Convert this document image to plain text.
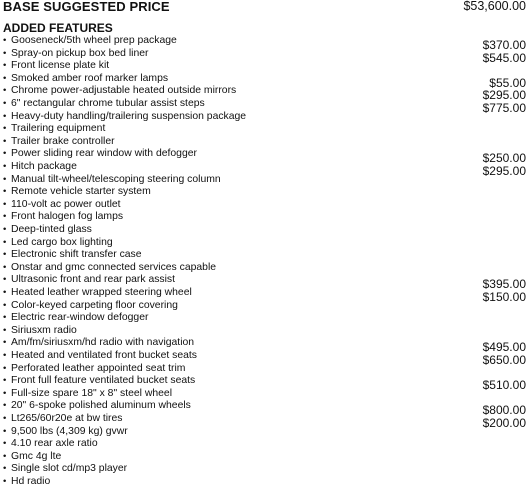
BASE SUGGESTED PRICE	$53,600.00
ADDED FEATURES
• Gooseneck/5th wheel prep package	$370.00
• Spray-on pickup box bed liner	$545.00
• Front license plate kit
• Smoked amber roof marker lamps	$55.00
• Chrome power-adjustable heated outside mirrors	$295.00
• 6" rectangular chrome tubular assist steps	$775.00
• Heavy-duty handling/trailering suspension package
• Trailering equipment
• Trailer brake controller
• Power sliding rear window with defogger	$250.00
• Hitch package	$295.00
• Manual tilt-wheel/telescoping steering column
• Remote vehicle starter system
• 110-volt ac power outlet
• Front halogen fog lamps
• Deep-tinted glass
• Led cargo box lighting
• Electronic shift transfer case
• Onstar and gmc connected services capable
• Ultrasonic front and rear park assist	$395.00
• Heated leather wrapped steering wheel	$150.00
• Color-keyed carpeting floor covering
• Electric rear-window defogger
• Siriusxm radio
• Am/fm/siriusxm/hd radio with navigation	$495.00
• Heated and ventilated front bucket seats	$650.00
• Perforated leather appointed seat trim
• Front full feature ventilated bucket seats	$510.00
• Full-size spare 18" x 8" steel wheel
• 20" 6-spoke polished aluminum wheels	$800.00
• Lt265/60r20e at bw tires	$200.00
• 9,500 lbs (4,309 kg) gvwr
• 4.10 rear axle ratio
• Gmc 4g lte
• Single slot cd/mp3 player
• Hd radio
